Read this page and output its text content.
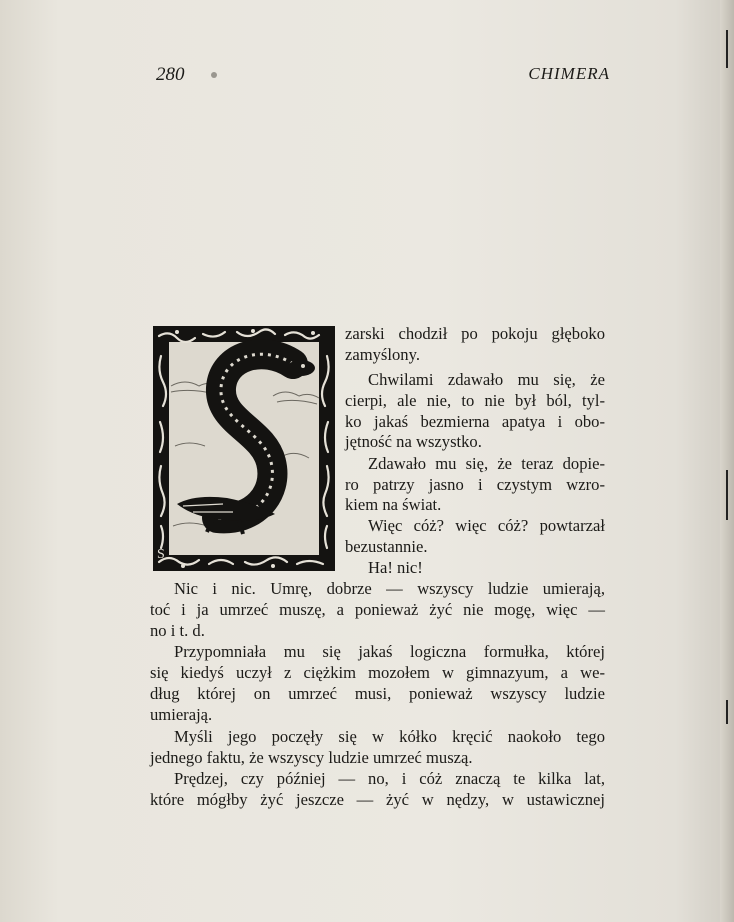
280	CHIMERA
S
zarski chodził po pokoju głęboko
zamyślony.
Chwilami zdawało mu się, że
cierpi, ale nie, to nie był ból, tyl-
ko jakaś bezmierna apatya i obo-
jętność na wszystko.
Zdawało mu się, że teraz dopie-
ro patrzy jasno i czystym wzro-
kiem na świat.
Więc cóż? więc cóż? powtarzał
bezustannie.
Ha! nic!
Nic i nic. Umrę, dobrze — wszyscy ludzie umierają,
toć i ja umrzeć muszę, a ponieważ żyć nie mogę, więc —
no i t. d.
Przypomniała mu się jakaś logiczna formułka, której
się kiedyś uczył z ciężkim mozołem w gimnazyum, a we-
dług której on umrzeć musi, ponieważ wszyscy ludzie
umierają.
Myśli jego poczęły się w kółko kręcić naokoło tego
jednego faktu, że wszyscy ludzie umrzeć muszą.
Prędzej, czy później — no, i cóż znaczą te kilka lat,
które mógłby żyć jeszcze — żyć w nędzy, w ustawicznej
